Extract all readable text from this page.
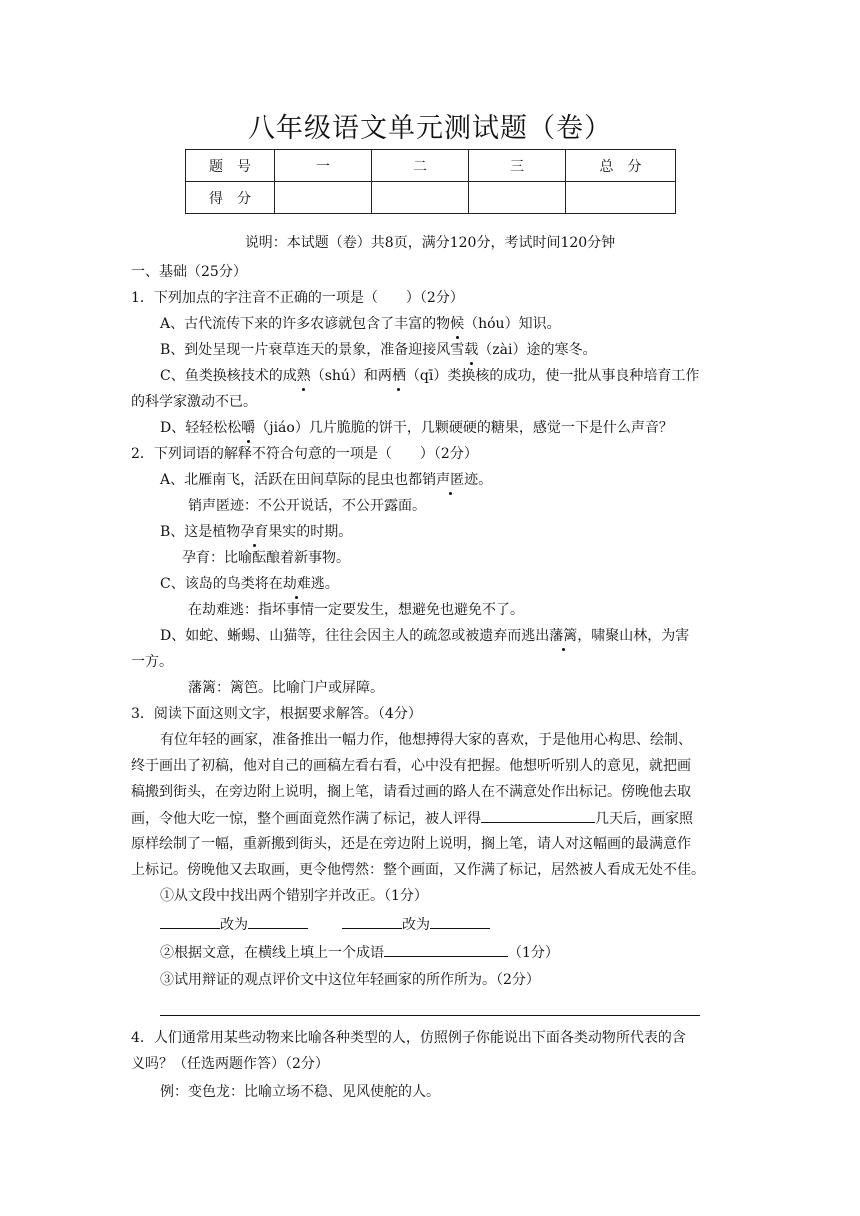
八年级语文单元测试题（卷）
题　号	一	二	三	总　分
得　分				
说明：本试题（卷）共8页，满分120分，考试时间120分钟
一、基础（25分）
1．下列加点的字注音不正确的一项是（　　）（2分）
A、古代流传下来的许多农谚就包含了丰富的物候（hóu）知识。
B、到处呈现一片衰草连天的景象，准备迎接风雪载（zài）途的寒冬。
C、鱼类换核技术的成熟（shú）和两栖（qī）类换核的成功，使一批从事良种培育工作
的科学家激动不已。
D、轻轻松松嚼（jiáo）几片脆脆的饼干，几颗硬硬的糖果，感觉一下是什么声音？
2．下列词语的解释不符合句意的一项是（　　）（2分）
A、北雁南飞，活跃在田间草际的昆虫也都销声匿迹。
销声匿迹：不公开说话，不公开露面。
B、这是植物孕育果实的时期。
孕育：比喻酝酿着新事物。
C、该岛的鸟类将在劫难逃。
在劫难逃：指坏事情一定要发生，想避免也避免不了。
D、如蛇、蜥蜴、山猫等，往往会因主人的疏忽或被遗弃而逃出藩篱，啸聚山林，为害
一方。
藩篱：篱笆。比喻门户或屏障。
3．阅读下面这则文字，根据要求解答。（4分）
有位年轻的画家，准备推出一幅力作，他想搏得大家的喜欢，于是他用心构思、绘制、
终于画出了初稿，他对自己的画稿左看右看，心中没有把握。他想听听别人的意见，就把画
稿搬到街头，在旁边附上说明，搁上笔，请看过画的路人在不满意处作出标记。傍晚他去取
画，令他大吃一惊，整个画面竟然作满了标记，被人评得	几天后，画家照
原样绘制了一幅，重新搬到街头，还是在旁边附上说明，搁上笔，请人对这幅画的最满意作
上标记。傍晚他又去取画，更令他愕然：整个画面，又作满了标记，居然被人看成无处不佳。
①从文段中找出两个错别字并改正。（1分）
改为	改为
②根据文意，在横线上填上一个成语	（1分）
③试用辩证的观点评价文中这位年轻画家的所作所为。（2分）
4．人们通常用某些动物来比喻各种类型的人，仿照例子你能说出下面各类动物所代表的含
义吗？（任选两题作答）（2分）
例：变色龙：比喻立场不稳、见风使舵的人。
